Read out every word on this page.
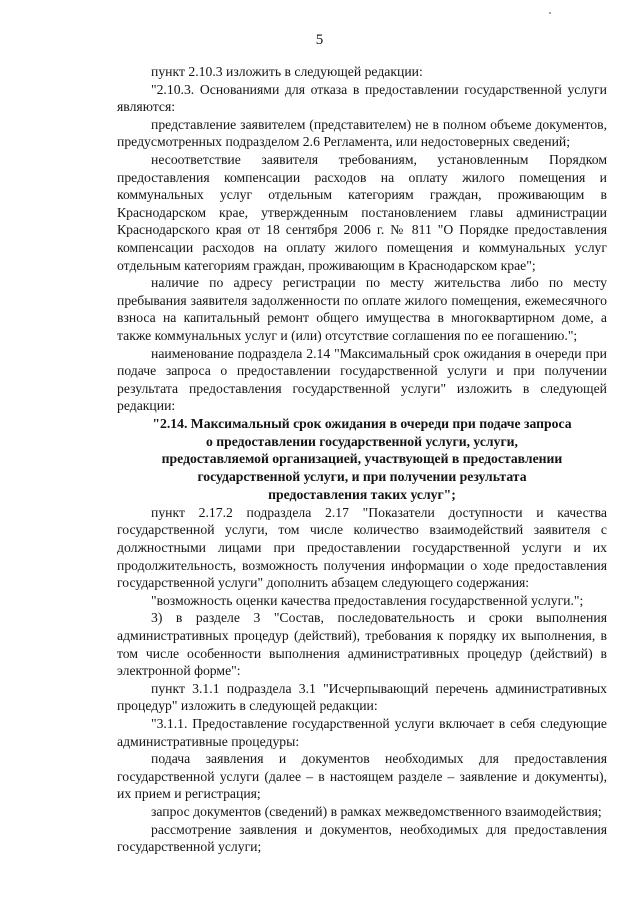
5

пункт 2.10.3 изложить в следующей редакции:

"2.10.3. Основаниями для отказа в предоставлении государственной услуги являются:

представление заявителем (представителем) не в полном объеме документов, предусмотренных подразделом 2.6 Регламента, или недостоверных сведений;

несоответствие заявителя требованиям, установленным Порядком предоставления компенсации расходов на оплату жилого помещения и коммунальных услуг отдельным категориям граждан, проживающим в Краснодарском крае, утвержденным постановлением главы администрации Краснодарского края от 18 сентября 2006 г. № 811 "О Порядке предоставления компенсации расходов на оплату жилого помещения и коммунальных услуг отдельным категориям граждан, проживающим в Краснодарском крае";

наличие по адресу регистрации по месту жительства либо по месту пребывания заявителя задолженности по оплате жилого помещения, ежемесячного взноса на капитальный ремонт общего имущества в многоквартирном доме, а также коммунальных услуг и (или) отсутствие соглашения по ее погашению.";

наименование подраздела 2.14 "Максимальный срок ожидания в очереди при подаче запроса о предоставлении государственной услуги и при получении результата предоставления государственной услуги" изложить в следующей редакции:

"2.14. Максимальный срок ожидания в очереди при подаче запроса о предоставлении государственной услуги, услуги, предоставляемой организацией, участвующей в предоставлении государственной услуги, и при получении результата предоставления таких услуг";

пункт 2.17.2 подраздела 2.17 "Показатели доступности и качества государственной услуги, том числе количество взаимодействий заявителя с должностными лицами при предоставлении государственной услуги и их продолжительность, возможность получения информации о ходе предоставления государственной услуги" дополнить абзацем следующего содержания:

"возможность оценки качества предоставления государственной услуги.";

3) в разделе 3 "Состав, последовательность и сроки выполнения административных процедур (действий), требования к порядку их выполнения, в том числе особенности выполнения административных процедур (действий) в электронной форме":

пункт 3.1.1 подраздела 3.1 "Исчерпывающий перечень административных процедур" изложить в следующей редакции:

"3.1.1. Предоставление государственной услуги включает в себя следующие административные процедуры:

подача заявления и документов необходимых для предоставления государственной услуги (далее – в настоящем разделе – заявление и документы), их прием и регистрация;

запрос документов (сведений) в рамках межведомственного взаимодействия;

рассмотрение заявления и документов, необходимых для предоставления государственной услуги;
